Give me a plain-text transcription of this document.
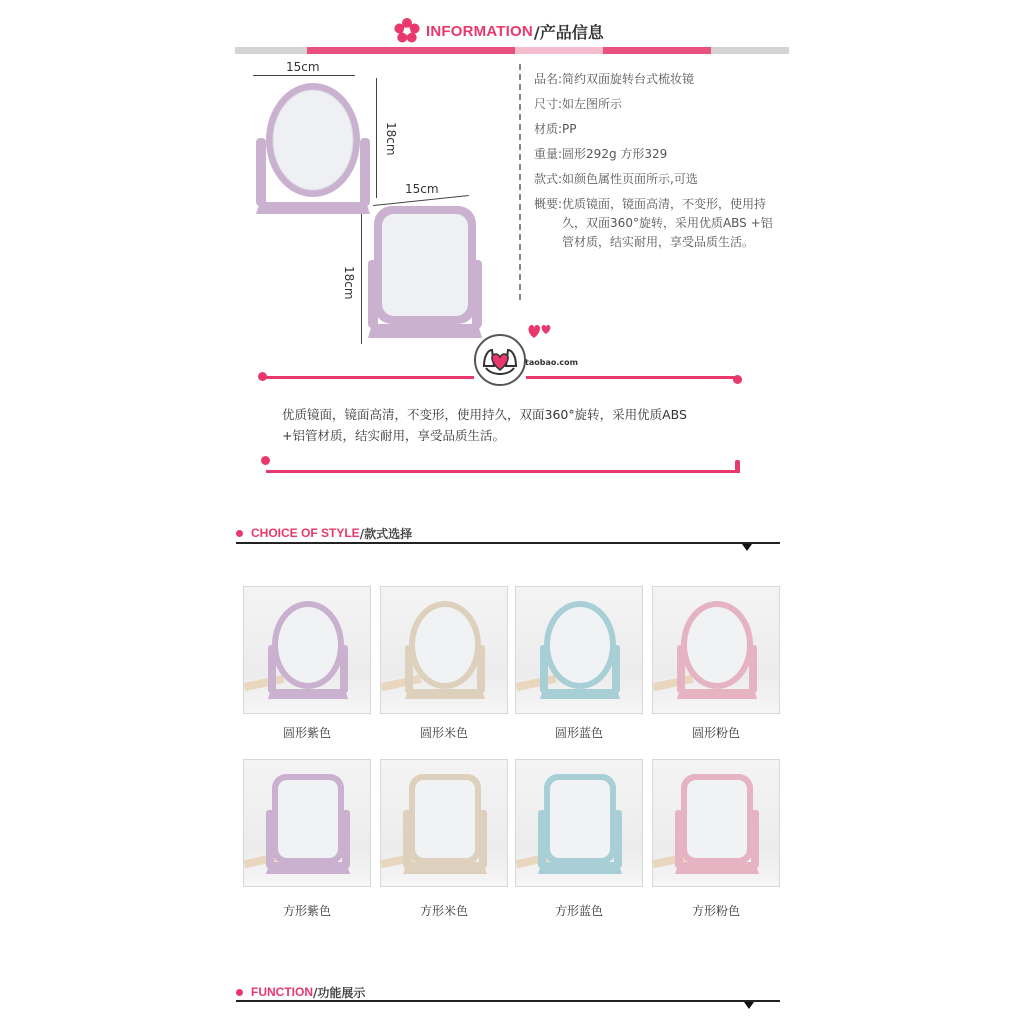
INFORMATION /产品信息
15cm
18cm
15cm
18cm
品名: 简约双面旋转台式梳妆镜
尺寸: 如左图所示
材质: PP
重量: 圆形292g 方形329
款式: 如颜色属性页面所示,可选
概要: 优质镜面，镜面高清，不变形，使用持久，双面360°旋转，采用优质ABS +铝管材质，结实耐用，享受品质生活。
taobao.com
优质镜面，镜面高清，不变形，使用持久，双面360°旋转，采用优质ABS
+铝管材质，结实耐用，享受品质生活。
CHOICE OF STYLE /款式选择
圆形紫色	圆形米色	圆形蓝色	圆形粉色
方形紫色	方形米色	方形蓝色	方形粉色
FUNCTION /功能展示
